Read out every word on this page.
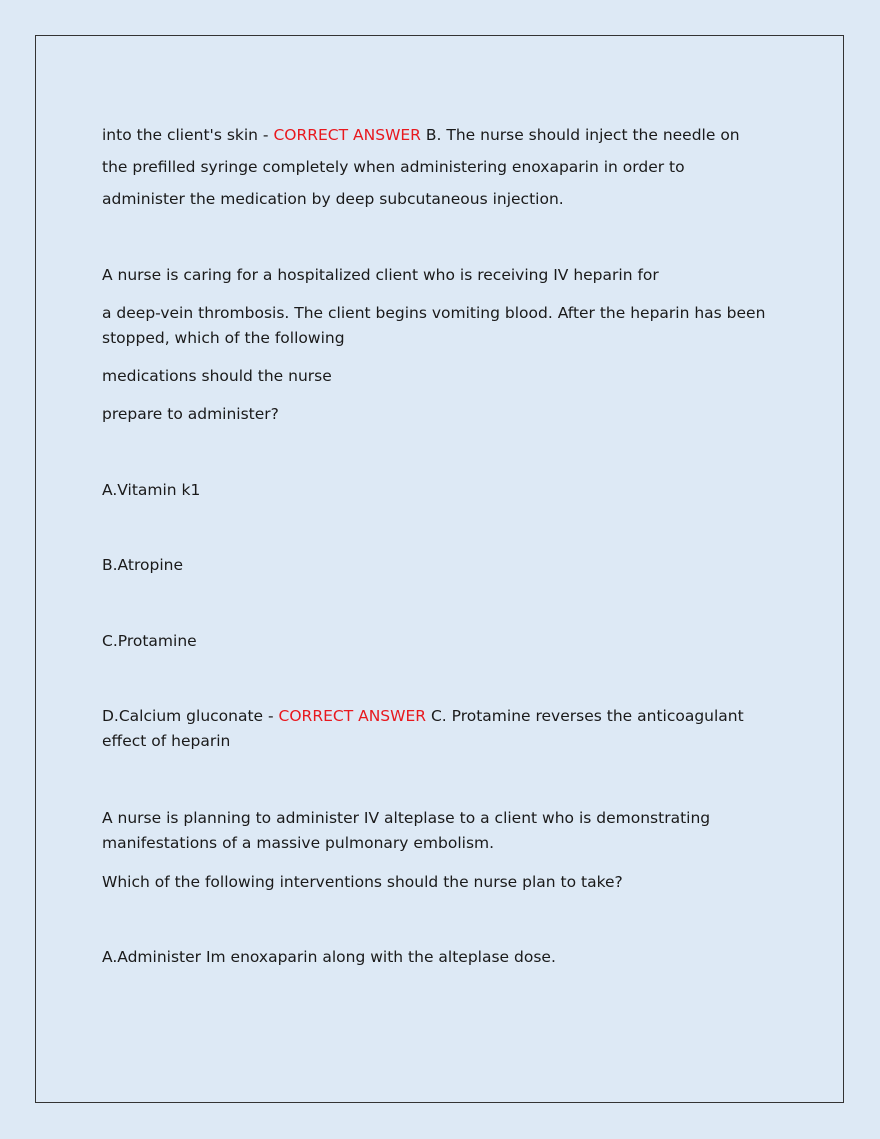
into the client's skin - CORRECT ANSWER B. The nurse should inject the needle on
the prefilled syringe completely when administering enoxaparin in order to
administer the medication by deep subcutaneous injection.
A nurse is caring for a hospitalized client who is receiving IV heparin for
a deep-vein thrombosis. The client begins vomiting blood. After the heparin has been stopped, which of the following
medications should the nurse
prepare to administer?
A.Vitamin k1
B.Atropine
C.Protamine
D.Calcium gluconate - CORRECT ANSWER C. Protamine reverses the anticoagulant effect of heparin
A nurse is planning to administer IV alteplase to a client who is demonstrating manifestations of a massive pulmonary embolism.
Which of the following interventions should the nurse plan to take?
A.Administer Im enoxaparin along with the alteplase dose.
